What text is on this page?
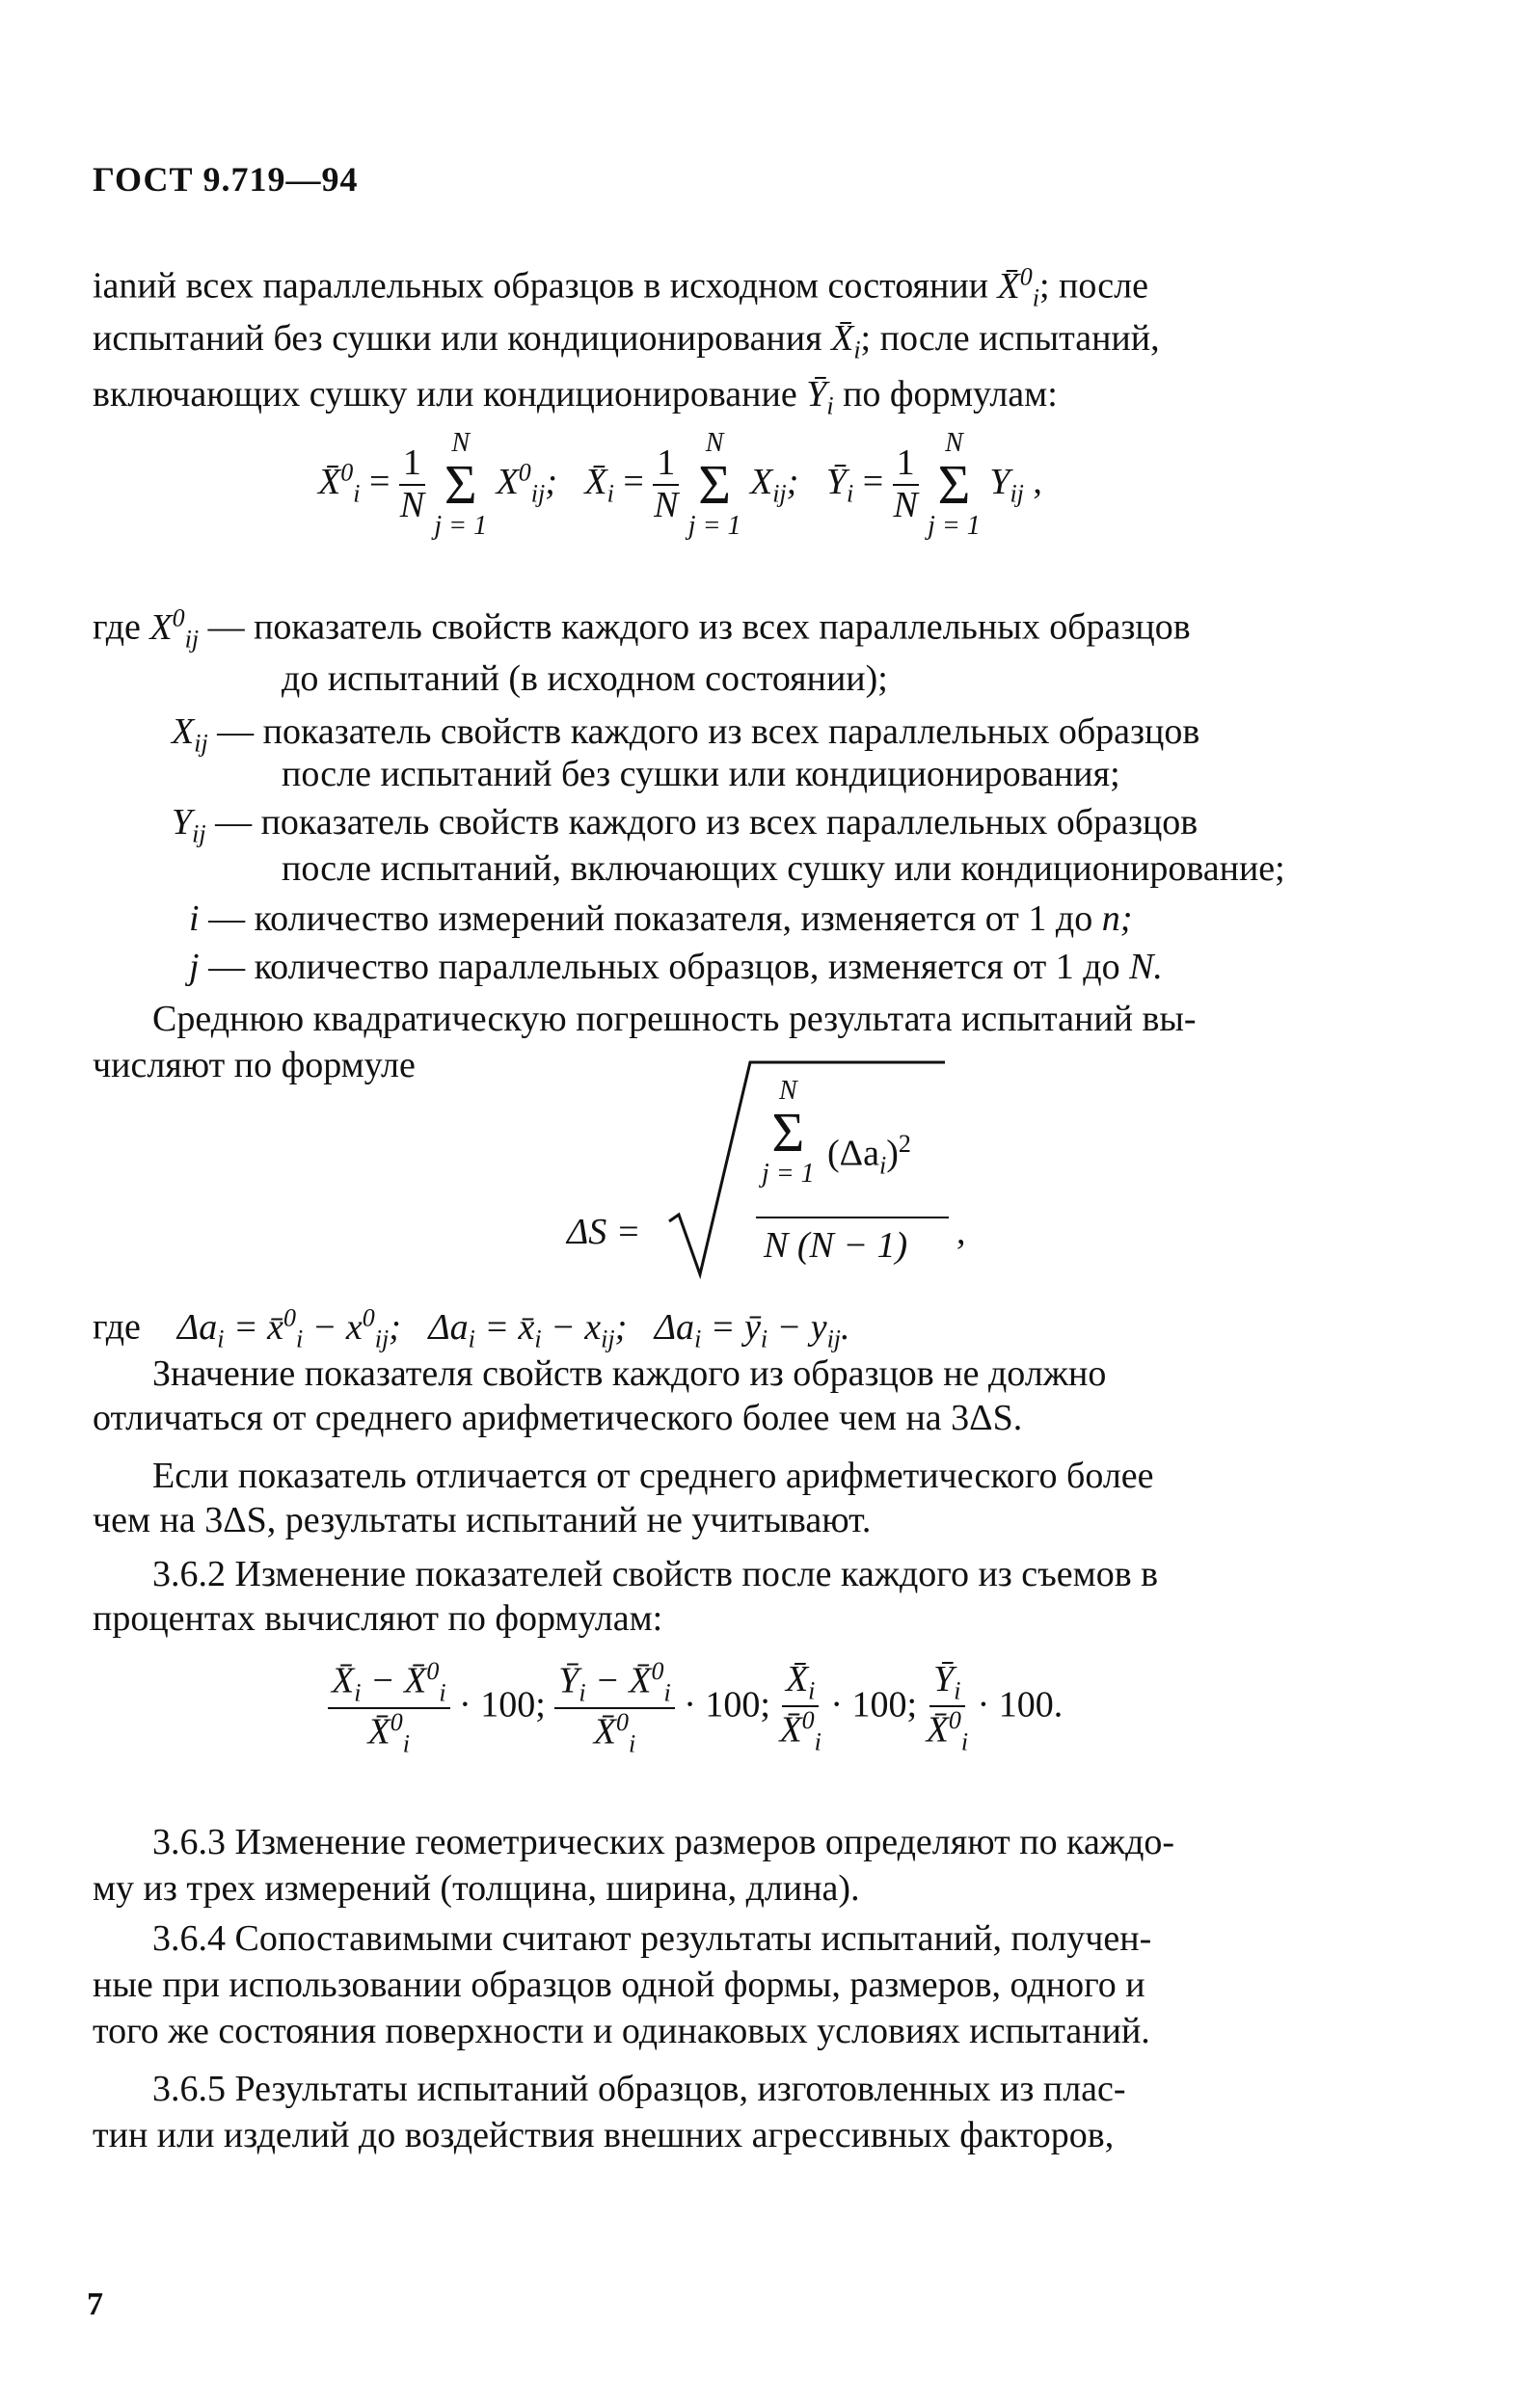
ГОСТ 9.719—94
ianий всех параллельных образцов в исходном состоянии X̄$^0_i$; после
испытаний без сушки или кондиционирования $X̄_i$; после испытаний,
включающих сушку или кондиционирование $Ȳ_i$ по формулам:
X̄$^0_i$ = $\frac{1}{N}$

N
Σ
j = 1
$X^0_{ij}$; $X̄_i = \frac{1}{N}$

N
Σ
j = 1
$X_{ij}$; $Ȳ_i = \frac{1}{N}$

N
Σ
j = 1
$Y_{ij}$ ,
где $X^0_{ij}$ — показатель свойств каждого из всех параллельных образцов
до испытаний (в исходном состоянии);
$X_{ij}$ — показатель свойств каждого из всех параллельных образцов
после испытаний без сушки или кондиционирования;
$Y_{ij}$ — показатель свойств каждого из всех параллельных образцов
после испытаний, включающих сушку или кондиционирование;
i — количество измерений показателя, изменяется от 1 до n;
j — количество параллельных образцов, изменяется от 1 до N.
Среднюю квадратическую погрешность результата испытаний вы-
числяют по формуле
ΔS =
N
Σ
j = 1 $(\Delta a_i)^2$
N (N − 1) ,
где $\Delta a_i$ = x̄$^0_i$ − $x^0_{ij}$; $\Delta a_i$ = $x̄_i - x_{ij}$; $\Delta a_i$ = $ȳ_i - y_{ij}$.
Значение показателя свойств каждого из образцов не должно
отличаться от среднего арифметического более чем на 3ΔS.
Если показатель отличается от среднего арифметического более
чем на 3ΔS, результаты испытаний не учитывают.
3.6.2 Изменение показателей свойств после каждого из съемов в
процентах вычисляют по формулам:
$\frac{X̄_i - X̄^0_i}{X̄^0_i} \cdot 100$; $\frac{Ȳ_i - X̄^0_i}{X̄^0_i} \cdot 100$; $\frac{X̄_i}{X̄^0_i} \cdot 100$; $\frac{Ȳ_i}{X̄^0_i} \cdot 100$.
3.6.3 Изменение геометрических размеров определяют по каждо-
му из трех измерений (толщина, ширина, длина).
3.6.4 Сопоставимыми считают результаты испытаний, получен-
ные при использовании образцов одной формы, размеров, одного и
того же состояния поверхности и одинаковых условиях испытаний.
3.6.5 Результаты испытаний образцов, изготовленных из плас-
тин или изделий до воздействия внешних агрессивных факторов,
7
